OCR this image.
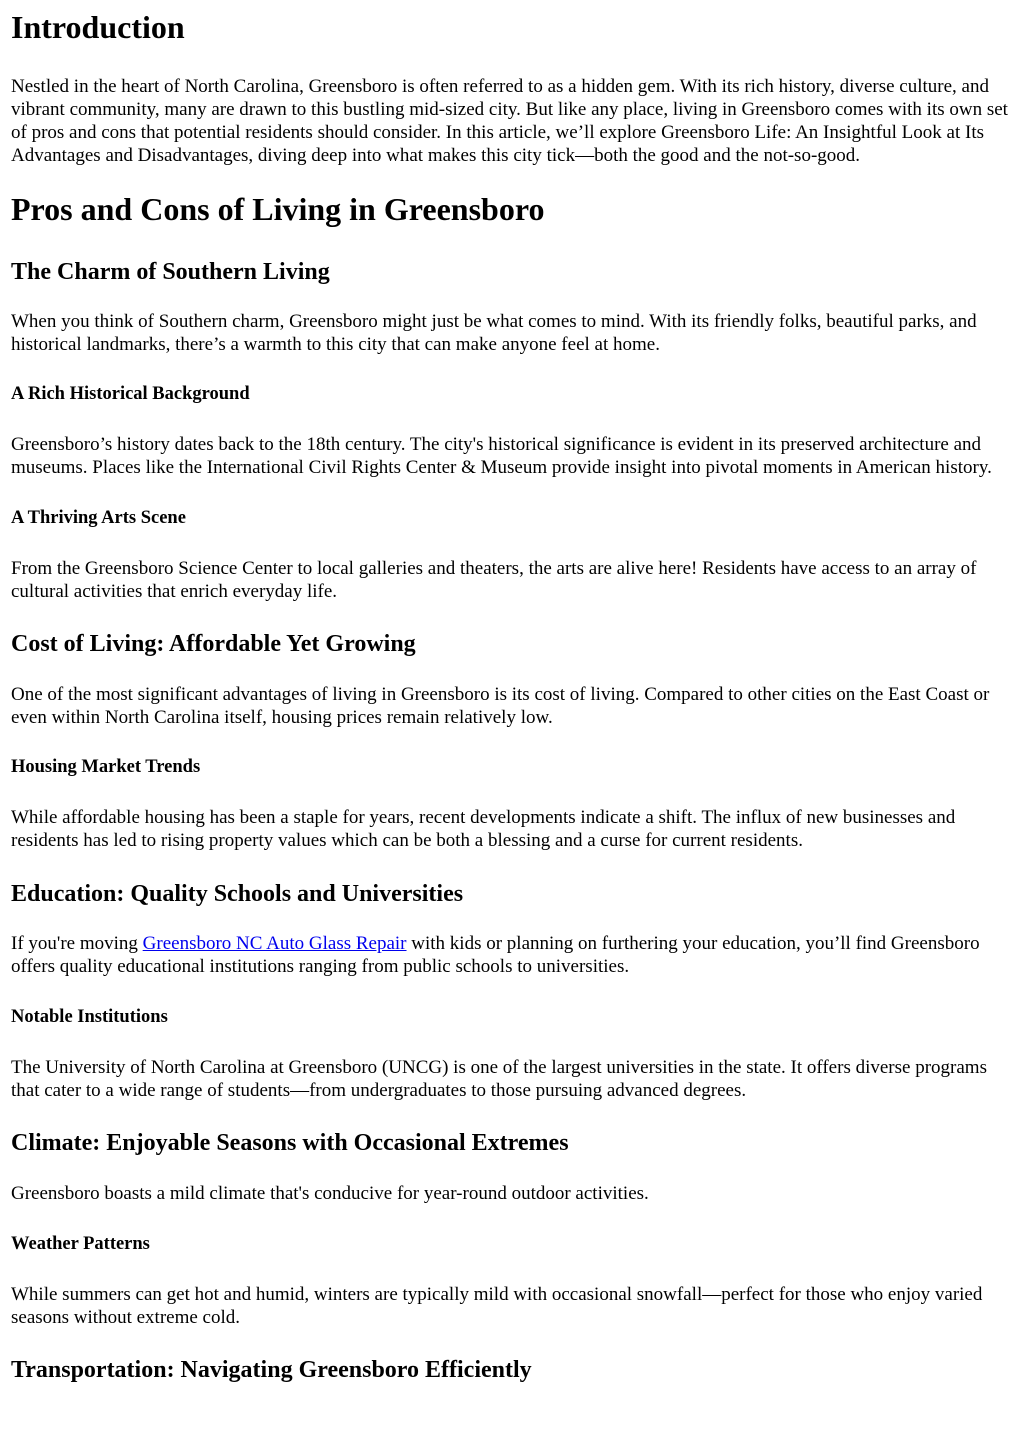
Introduction

Nestled in the heart of North Carolina, Greensboro is often referred to as a hidden gem. With its rich history, diverse culture, and vibrant community, many are drawn to this bustling mid-sized city. But like any place, living in Greensboro comes with its own set of pros and cons that potential residents should consider. In this article, we’ll explore Greensboro Life: An Insightful Look at Its Advantages and Disadvantages, diving deep into what makes this city tick—both the good and the not-so-good.

Pros and Cons of Living in Greensboro
The Charm of Southern Living

When you think of Southern charm, Greensboro might just be what comes to mind. With its friendly folks, beautiful parks, and historical landmarks, there’s a warmth to this city that can make anyone feel at home.

A Rich Historical Background

Greensboro’s history dates back to the 18th century. The city's historical significance is evident in its preserved architecture and museums. Places like the International Civil Rights Center & Museum provide insight into pivotal moments in American history.

A Thriving Arts Scene

From the Greensboro Science Center to local galleries and theaters, the arts are alive here! Residents have access to an array of cultural activities that enrich everyday life.

Cost of Living: Affordable Yet Growing

One of the most significant advantages of living in Greensboro is its cost of living. Compared to other cities on the East Coast or even within North Carolina itself, housing prices remain relatively low.

Housing Market Trends

While affordable housing has been a staple for years, recent developments indicate a shift. The influx of new businesses and residents has led to rising property values which can be both a blessing and a curse for current residents.

Education: Quality Schools and Universities

If you're moving Greensboro NC Auto Glass Repair with kids or planning on furthering your education, you’ll find Greensboro offers quality educational institutions ranging from public schools to universities.

Notable Institutions

The University of North Carolina at Greensboro (UNCG) is one of the largest universities in the state. It offers diverse programs that cater to a wide range of students—from undergraduates to those pursuing advanced degrees.

Climate: Enjoyable Seasons with Occasional Extremes

Greensboro boasts a mild climate that's conducive for year-round outdoor activities.

Weather Patterns

While summers can get hot and humid, winters are typically mild with occasional snowfall—perfect for those who enjoy varied seasons without extreme cold.

Transportation: Navigating Greensboro Efficiently
